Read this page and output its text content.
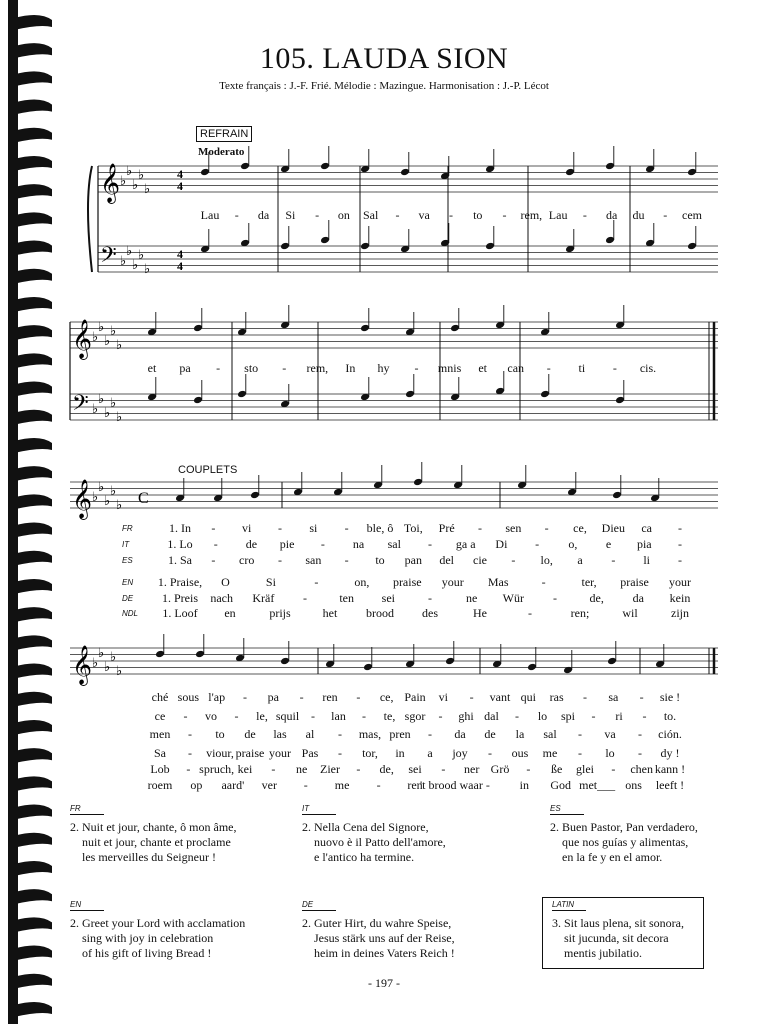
105. LAUDA SION
Texte français : J.-F. Frié. Mélodie : Mazingue. Harmonisation : J.-P. Lécot
REFRAIN
Moderato
COUPLETS
𝄞
𝄢
♭
♭
♭
♭
♭
♭
♭
♭
♭
♭
4
4
4
4
𝄞
𝄢
♭
♭
♭
♭
♭
♭
♭
♭
♭
♭
𝄞 ♭
♭
♭
♭
♭ C
𝄞 ♭
♭
♭
♭
♭
Lau - da Si - on Sal - va - to - rem, Lau - da du - cem
et pa - sto - rem, In hy - mnis et can - ti - cis.
FR	1. In - vi - si - ble, ô Toi, Pré - sen - ce, Dieu ca -
IT	1. Lo - de pie - na sal - ga a Di - o, e pia -
ES	1. Sa - cro - san - to pan del cie - lo, a - li -
EN 1. Praise, O	Si	-	on, praise your Mas	-	ter, praise your
DE 1. Preis nach Kräf -	ten sei	-	ne Wür -	de, da kein
NDL 1. Loof en	prijs	het brood des	He	-	ren;	wil	zijn
ché sous l'ap - pa - ren - ce, Pain vi - vant qui ras - sa - sie !
ce - vo - le, squil - lan - te, sgor - ghi dal - lo spi - ri - to.
men - to de las al - mas, pren - da de la sal - va - ción.
Sa - viour, praise your Pas - tor, in a joy - ous me - lo - dy !
Lob - spruch, kei - ne Zier - de, sei - ner Grö - ße glei - chen kann !
roem op aard' ver - me - ren
't brood waar - in God met___ ons leeft !
FR
2. Nuit et jour, chante, ô mon âme,
nuit et jour, chante et proclame
les merveilles du Seigneur !
IT
2. Nella Cena del Signore,
nuovo è il Patto dell'amore,
e l'antico ha termine.
ES
2. Buen Pastor, Pan verdadero,
que nos guías y alimentas,
en la fe y en el amor.
EN
2. Greet your Lord with acclamation
sing with joy in celebration
of his gift of living Bread !
DE
2. Guter Hirt, du wahre Speise,
Jesus stärk uns auf der Reise,
heim in deines Vaters Reich !
LATIN
3. Sit laus plena, sit sonora,
sit jucunda, sit decora
mentis jubilatio.
- 197 -
